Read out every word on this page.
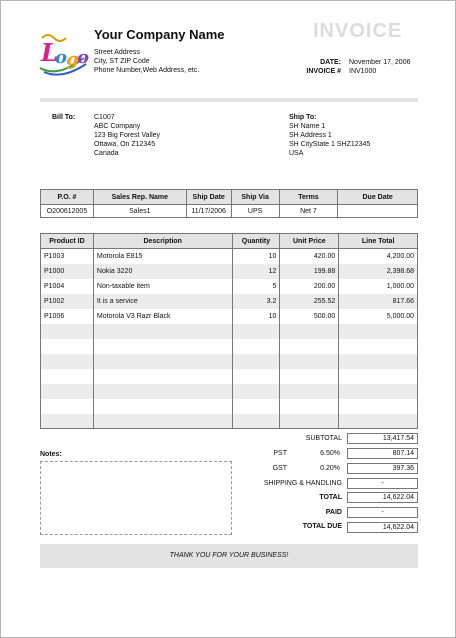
L
o
g
o
Your Company Name
Street Address
City, ST ZIP Code
Phone Number,Web Address, etc.
INVOICE
DATE: November 17, 2006
INVOICE # INV1000
Bill To:	C1007
ABC Company
123 Big Forest Valley
Ottawa, On Z12345
Canada
Ship To:
SH Name 1
SH Address 1
SH CityState 1 SHZ12345
USA
P.O. #	Sales Rep. Name	Ship Date	Ship Via	Terms	Due Date
O200612005	Sales1	11/17/2006	UPS	Net 7	
Product ID	Description	Quantity	Unit Price	Line Total
P1003	Motorola E815	10	420.00	4,200.00
P1000	Nokia 3220	12	199.88	2,398.68
P1004	Non-taxable item	5	200.00	1,000.00
P1002	It is a service	3.2	255.52	817.66
P1006	Motorola V3 Razr Black	10	500.00	5,000.00

SUBTOTAL	13,417.54
PST	6.50%	807.14
GST	0.20%	397.36
SHIPPING & HANDLING	-
TOTAL	14,622.04
PAID	-
TOTAL DUE	14,622.04
Notes:
THANK YOU FOR YOUR BUSINESS!
